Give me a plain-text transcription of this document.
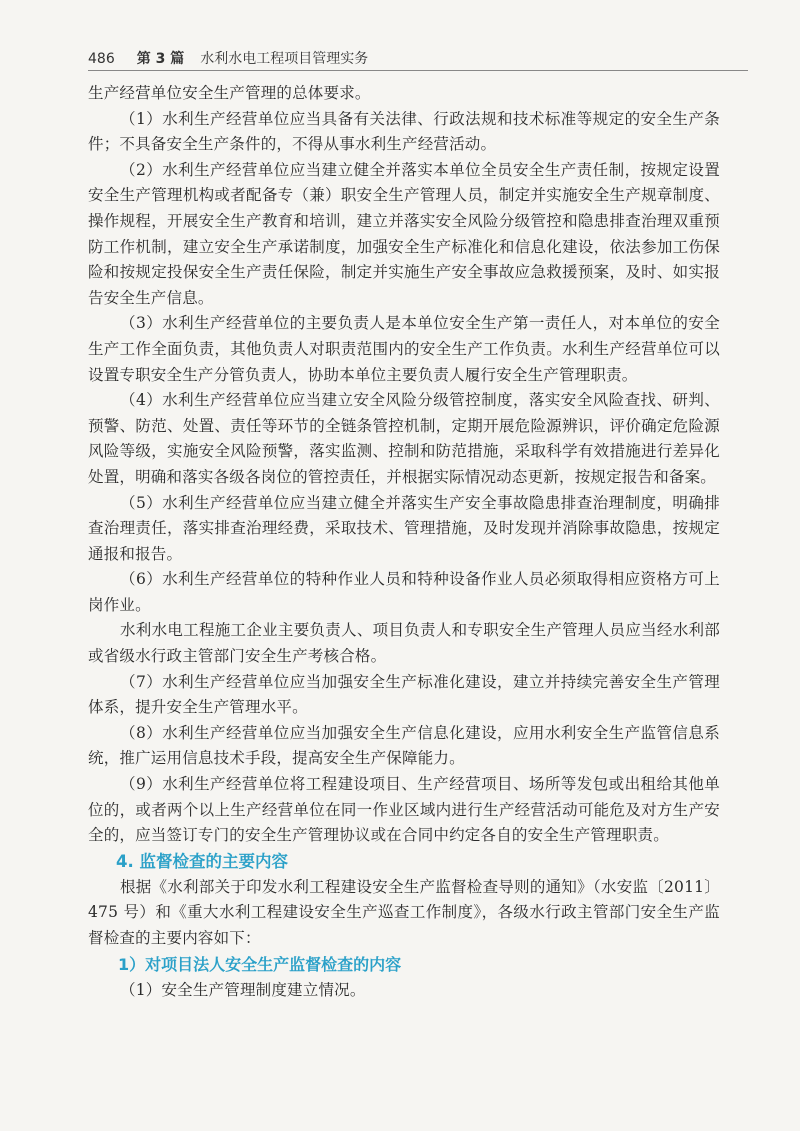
486 第 3 篇 水利水电工程项目管理实务

生产经营单位安全生产管理的总体要求。

（1）水利生产经营单位应当具备有关法律、行政法规和技术标准等规定的安全生产条件；不具备安全生产条件的，不得从事水利生产经营活动。

（2）水利生产经营单位应当建立健全并落实本单位全员安全生产责任制，按规定设置安全生产管理机构或者配备专（兼）职安全生产管理人员，制定并实施安全生产规章制度、操作规程，开展安全生产教育和培训，建立并落实安全风险分级管控和隐患排查治理双重预防工作机制，建立安全生产承诺制度，加强安全生产标准化和信息化建设，依法参加工伤保险和按规定投保安全生产责任保险，制定并实施生产安全事故应急救援预案，及时、如实报告安全生产信息。

（3）水利生产经营单位的主要负责人是本单位安全生产第一责任人，对本单位的安全生产工作全面负责，其他负责人对职责范围内的安全生产工作负责。水利生产经营单位可以设置专职安全生产分管负责人，协助本单位主要负责人履行安全生产管理职责。

（4）水利生产经营单位应当建立安全风险分级管控制度，落实安全风险查找、研判、预警、防范、处置、责任等环节的全链条管控机制，定期开展危险源辨识，评价确定危险源风险等级，实施安全风险预警，落实监测、控制和防范措施，采取科学有效措施进行差异化处置，明确和落实各级各岗位的管控责任，并根据实际情况动态更新，按规定报告和备案。

（5）水利生产经营单位应当建立健全并落实生产安全事故隐患排查治理制度，明确排查治理责任，落实排查治理经费，采取技术、管理措施，及时发现并消除事故隐患，按规定通报和报告。

（6）水利生产经营单位的特种作业人员和特种设备作业人员必须取得相应资格方可上岗作业。

水利水电工程施工企业主要负责人、项目负责人和专职安全生产管理人员应当经水利部或省级水行政主管部门安全生产考核合格。

（7）水利生产经营单位应当加强安全生产标准化建设，建立并持续完善安全生产管理体系，提升安全生产管理水平。

（8）水利生产经营单位应当加强安全生产信息化建设，应用水利安全生产监管信息系统，推广运用信息技术手段，提高安全生产保障能力。

（9）水利生产经营单位将工程建设项目、生产经营项目、场所等发包或出租给其他单位的，或者两个以上生产经营单位在同一作业区域内进行生产经营活动可能危及对方生产安全的，应当签订专门的安全生产管理协议或在合同中约定各自的安全生产管理职责。

4. 监督检查的主要内容

根据《水利部关于印发水利工程建设安全生产监督检查导则的通知》（水安监〔2011〕475 号）和《重大水利工程建设安全生产巡查工作制度》，各级水行政主管部门安全生产监督检查的主要内容如下：

1）对项目法人安全生产监督检查的内容

（1）安全生产管理制度建立情况。
